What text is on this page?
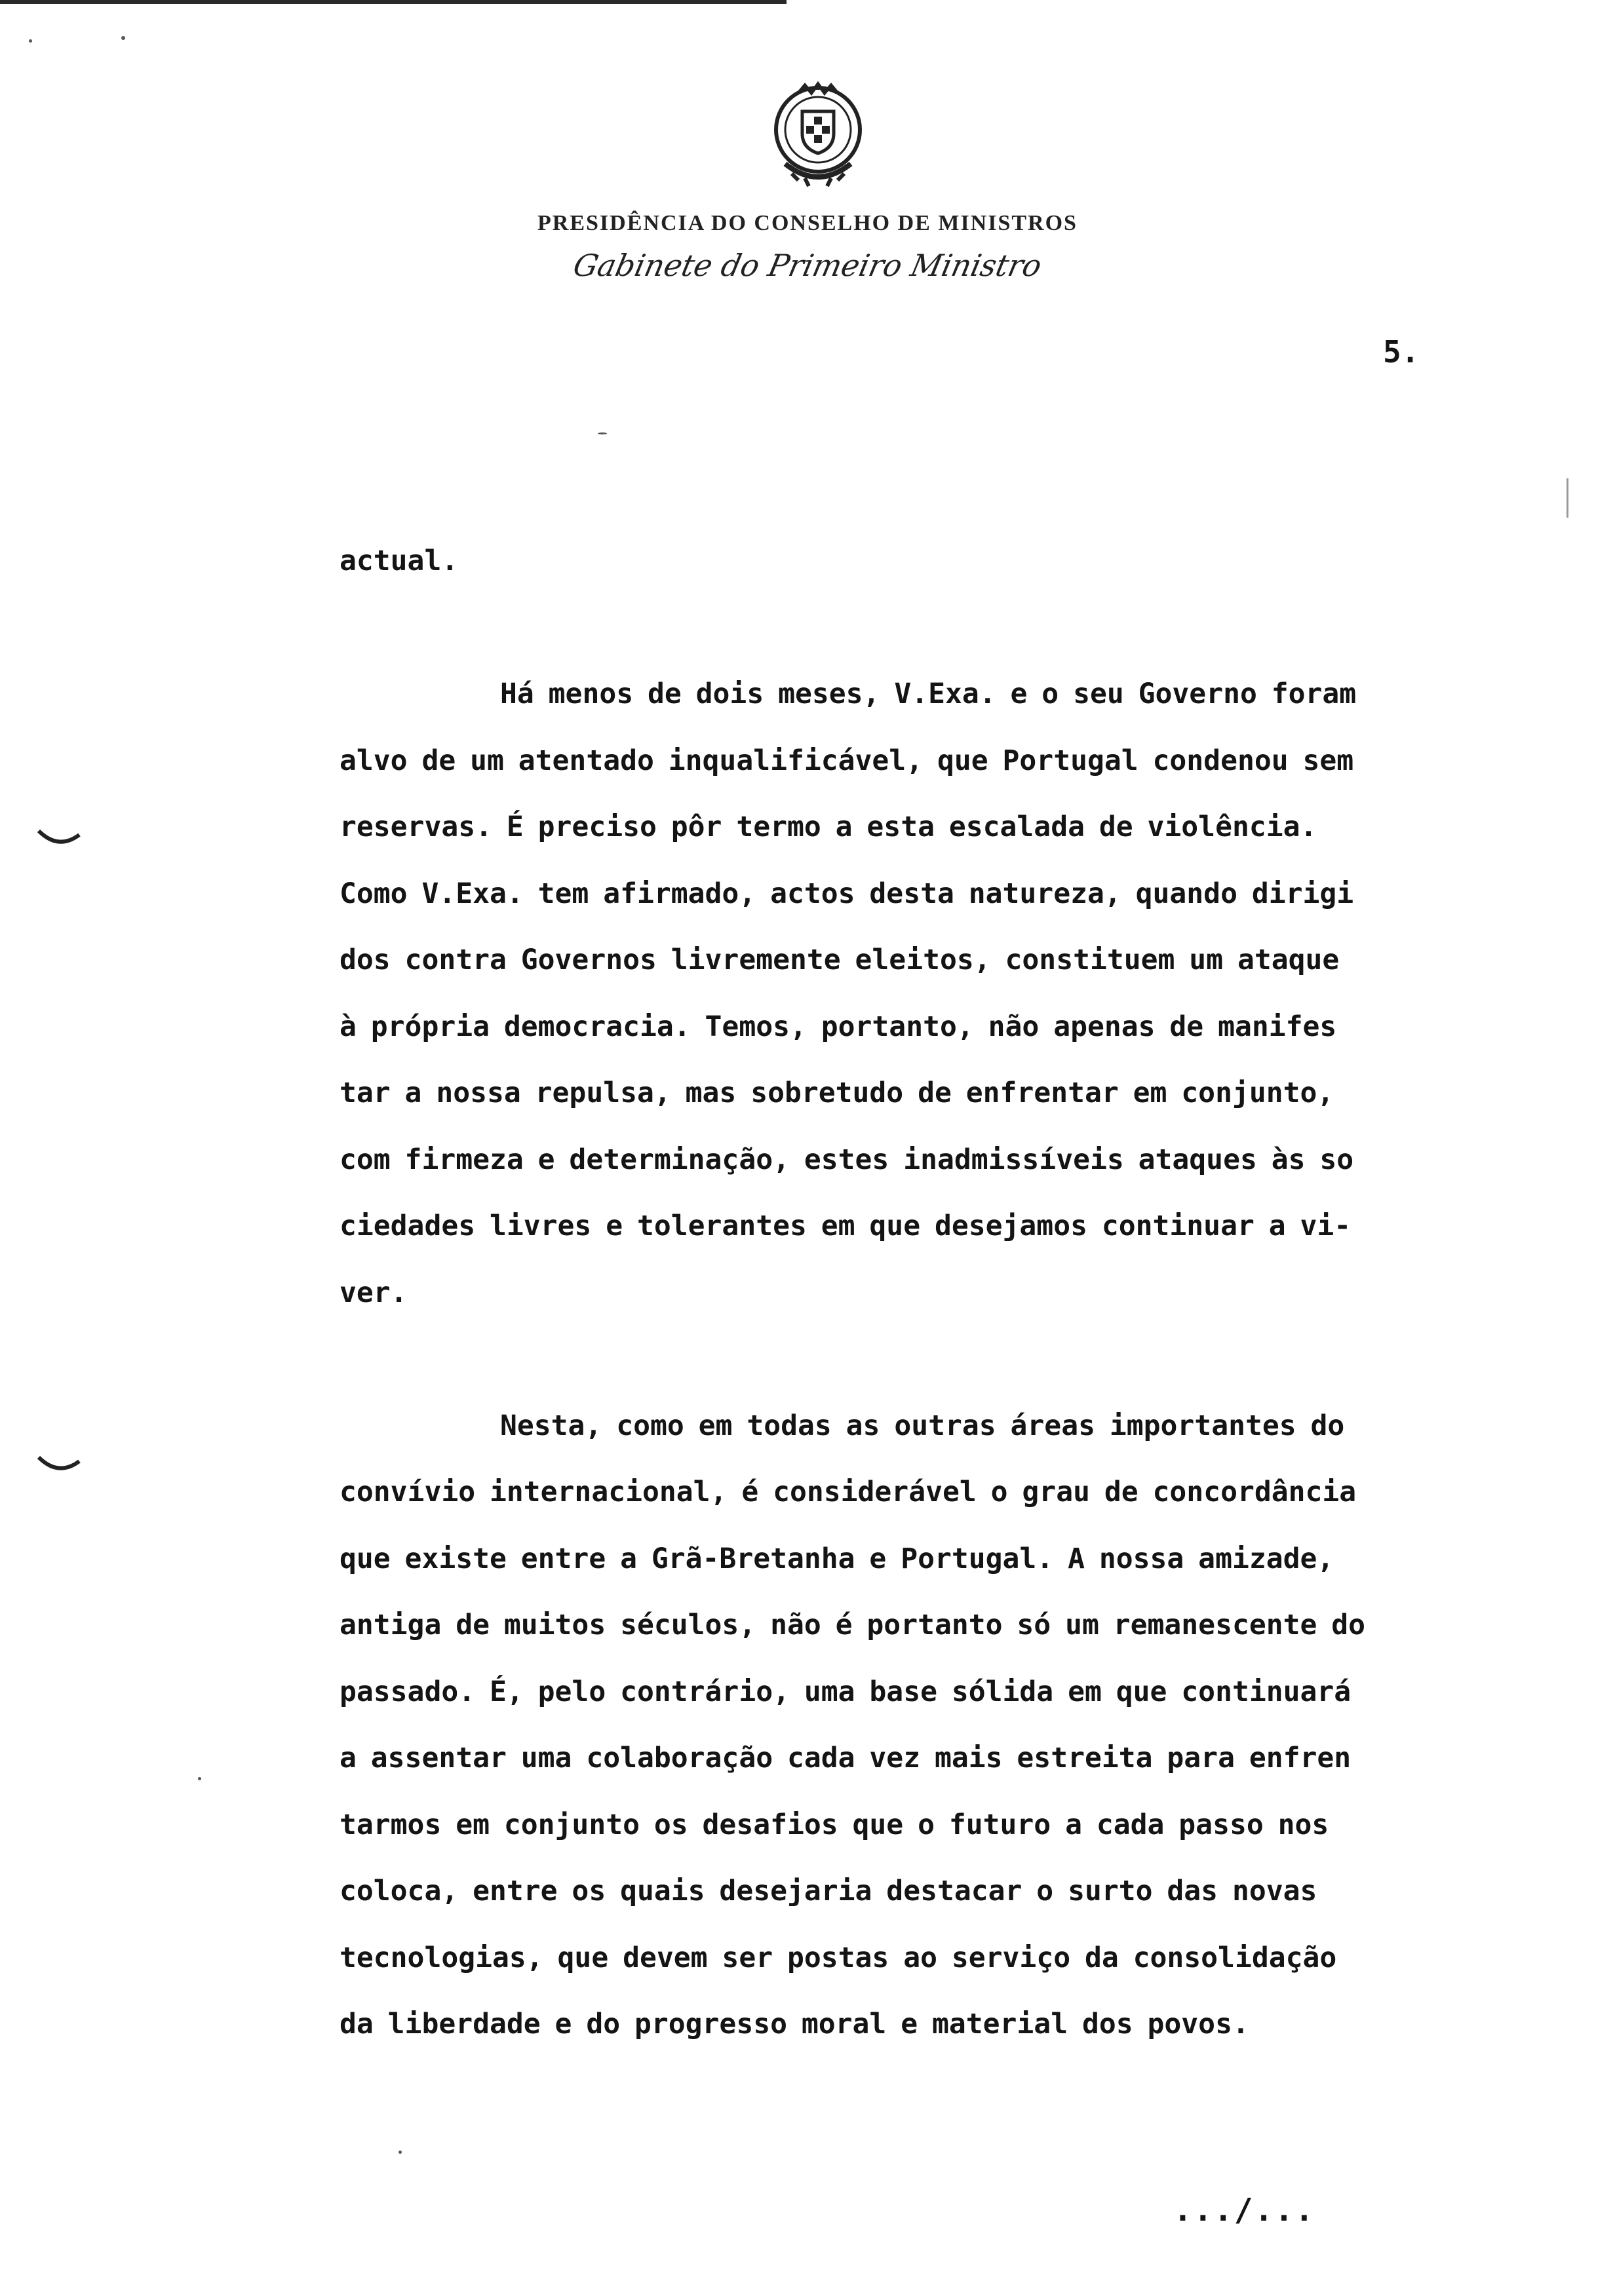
PRESIDÊNCIA DO CONSELHO DE MINISTROS
Gabinete do Primeiro Ministro
5.

actual.

Há menos de dois meses, V.Exa. e o seu Governo foram

alvo de um atentado inqualificável, que Portugal condenou sem

reservas. É preciso pôr termo a esta escalada de violência.

Como V.Exa. tem afirmado, actos desta natureza, quando dirigi

dos contra Governos livremente eleitos, constituem um ataque

à própria democracia. Temos, portanto, não apenas de manifes

tar a nossa repulsa, mas sobretudo de enfrentar em conjunto,

com firmeza e determinação, estes inadmissíveis ataques às so

ciedades livres e tolerantes em que desejamos continuar a vi-

ver.

Nesta, como em todas as outras áreas importantes do

convívio internacional, é considerável o grau de concordância

que existe entre a Grã-Bretanha e Portugal. A nossa amizade,

antiga de muitos séculos, não é portanto só um remanescente do

passado. É, pelo contrário, uma base sólida em que continuará

a assentar uma colaboração cada vez mais estreita para enfren

tarmos em conjunto os desafios que o futuro a cada passo nos

coloca, entre os quais desejaria destacar o surto das novas

tecnologias, que devem ser postas ao serviço da consolidação

da liberdade e do progresso moral e material dos povos.

.../...
